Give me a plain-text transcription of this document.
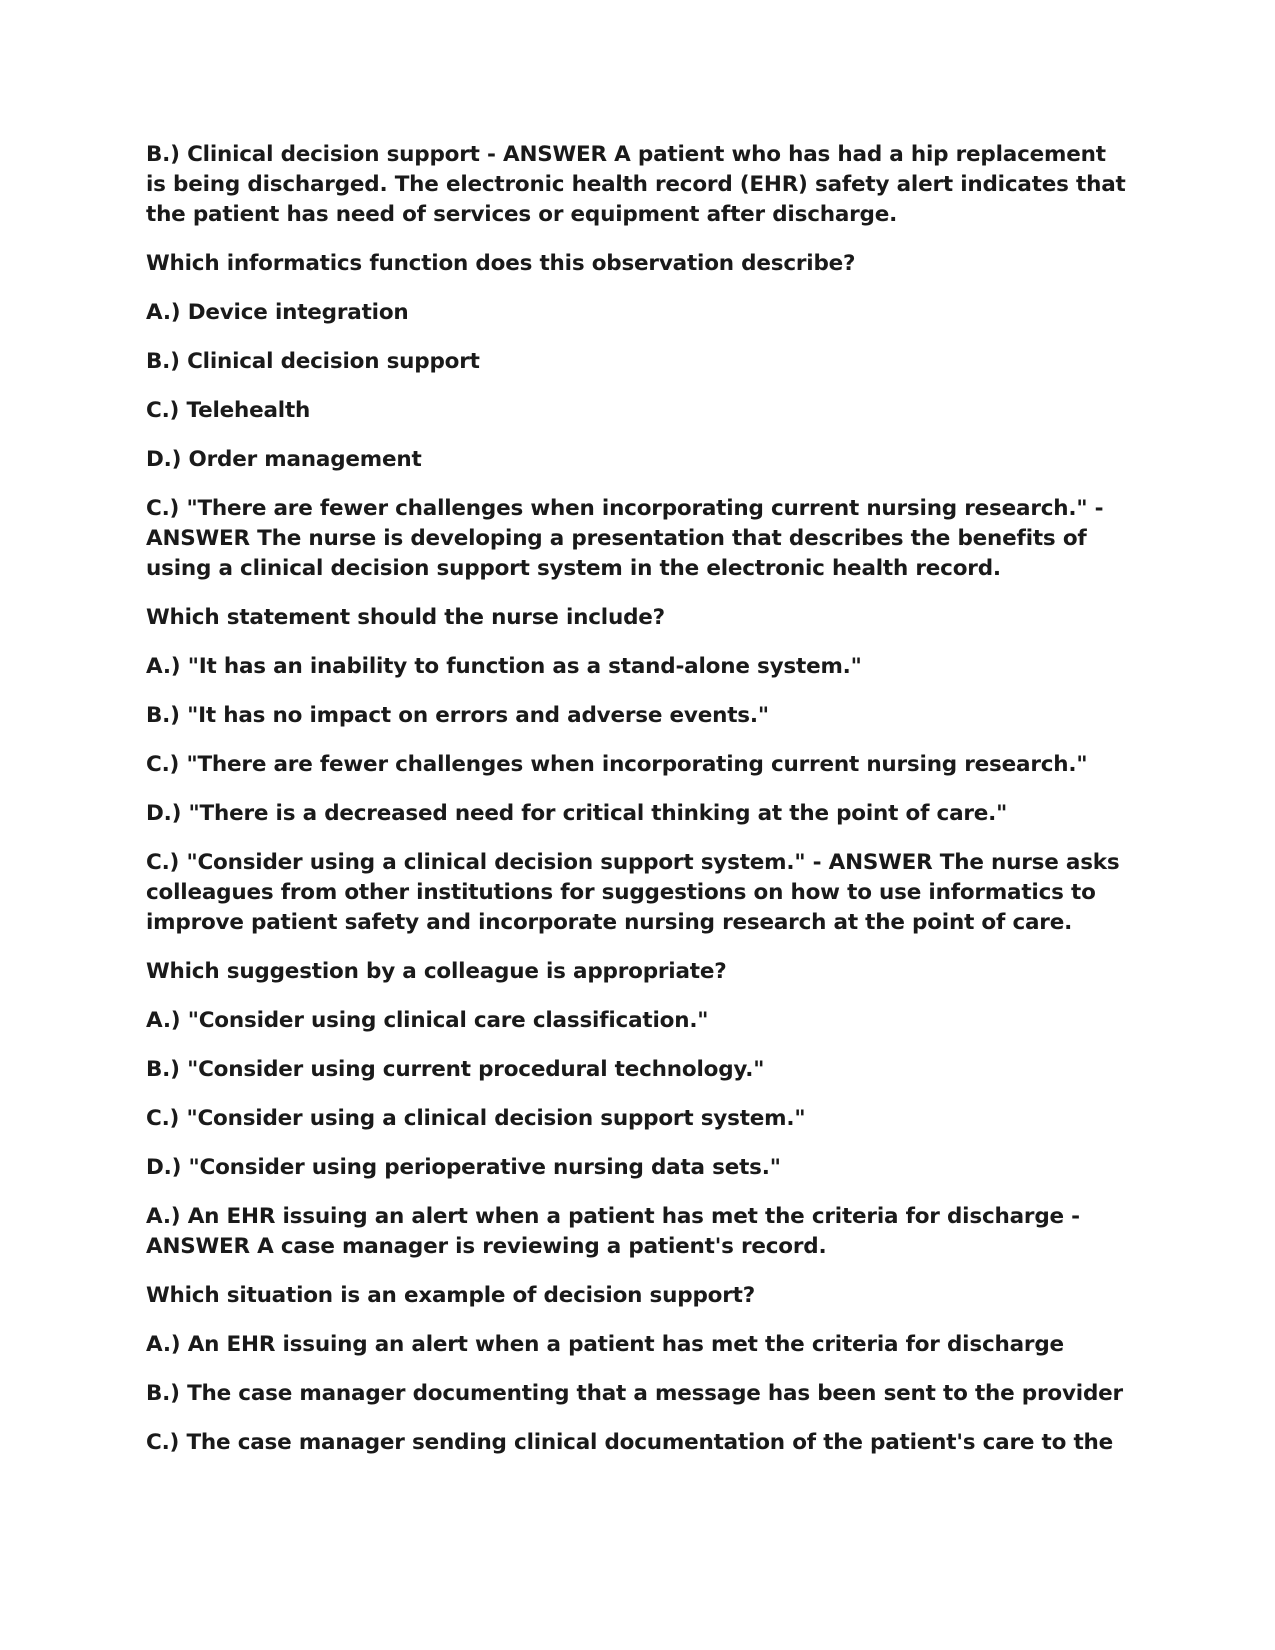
B.) Clinical decision support - ANSWER A patient who has had a hip replacement is being discharged. The electronic health record (EHR) safety alert indicates that the patient has need of services or equipment after discharge.

Which informatics function does this observation describe?

A.) Device integration

B.) Clinical decision support

C.) Telehealth

D.) Order management

C.) "There are fewer challenges when incorporating current nursing research." - ANSWER The nurse is developing a presentation that describes the benefits of using a clinical decision support system in the electronic health record.

Which statement should the nurse include?

A.) "It has an inability to function as a stand-alone system."

B.) "It has no impact on errors and adverse events."

C.) "There are fewer challenges when incorporating current nursing research."

D.) "There is a decreased need for critical thinking at the point of care."

C.) "Consider using a clinical decision support system." - ANSWER The nurse asks colleagues from other institutions for suggestions on how to use informatics to improve patient safety and incorporate nursing research at the point of care.

Which suggestion by a colleague is appropriate?

A.) "Consider using clinical care classification."

B.) "Consider using current procedural technology."

C.) "Consider using a clinical decision support system."

D.) "Consider using perioperative nursing data sets."

A.) An EHR issuing an alert when a patient has met the criteria for discharge - ANSWER A case manager is reviewing a patient's record.

Which situation is an example of decision support?

A.) An EHR issuing an alert when a patient has met the criteria for discharge

B.) The case manager documenting that a message has been sent to the provider

C.) The case manager sending clinical documentation of the patient's care to the
